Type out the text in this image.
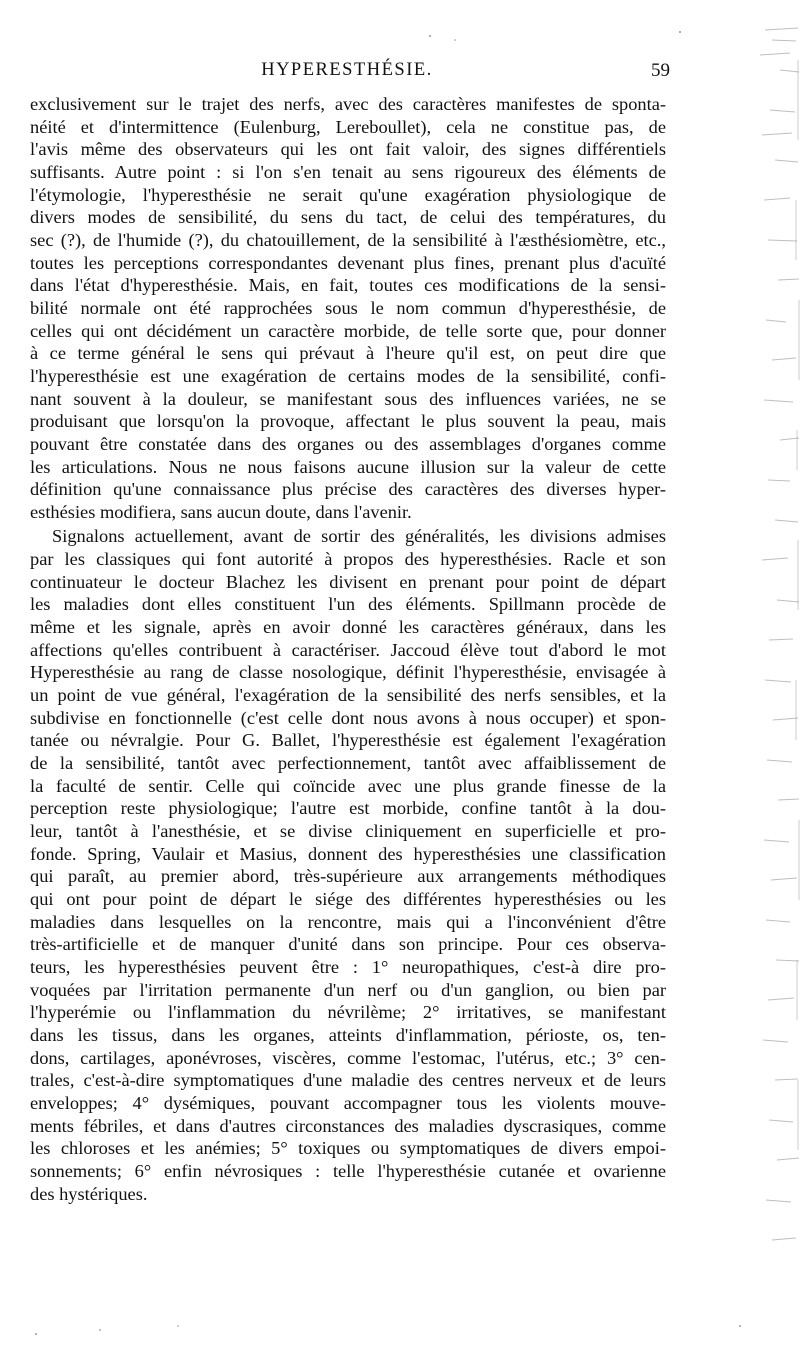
HYPERESTHÉSIE.	59
exclusivement sur le trajet des nerfs, avec des caractères manifestes de sponta-
néité et d'intermittence (Eulenburg, Lereboullet), cela ne constitue pas, de
l'avis même des observateurs qui les ont fait valoir, des signes différentiels
suffisants. Autre point : si l'on s'en tenait au sens rigoureux des éléments de
l'étymologie, l'hyperesthésie ne serait qu'une exagération physiologique de
divers modes de sensibilité, du sens du tact, de celui des températures, du
sec (?), de l'humide (?), du chatouillement, de la sensibilité à l'æsthésiomètre, etc.,
toutes les perceptions correspondantes devenant plus fines, prenant plus d'acuïté
dans l'état d'hyperesthésie. Mais, en fait, toutes ces modifications de la sensi-
bilité normale ont été rapprochées sous le nom commun d'hyperesthésie, de
celles qui ont décidément un caractère morbide, de telle sorte que, pour donner
à ce terme général le sens qui prévaut à l'heure qu'il est, on peut dire que
l'hyperesthésie est une exagération de certains modes de la sensibilité, confi-
nant souvent à la douleur, se manifestant sous des influences variées, ne se
produisant que lorsqu'on la provoque, affectant le plus souvent la peau, mais
pouvant être constatée dans des organes ou des assemblages d'organes comme
les articulations. Nous ne nous faisons aucune illusion sur la valeur de cette
définition qu'une connaissance plus précise des caractères des diverses hyper-
esthésies modifiera, sans aucun doute, dans l'avenir.
Signalons actuellement, avant de sortir des généralités, les divisions admises
par les classiques qui font autorité à propos des hyperesthésies. Racle et son
continuateur le docteur Blachez les divisent en prenant pour point de départ
les maladies dont elles constituent l'un des éléments. Spillmann procède de
même et les signale, après en avoir donné les caractères généraux, dans les
affections qu'elles contribuent à caractériser. Jaccoud élève tout d'abord le mot
Hyperesthésie au rang de classe nosologique, définit l'hyperesthésie, envisagée à
un point de vue général, l'exagération de la sensibilité des nerfs sensibles, et la
subdivise en fonctionnelle (c'est celle dont nous avons à nous occuper) et spon-
tanée ou névralgie. Pour G. Ballet, l'hyperesthésie est également l'exagération
de la sensibilité, tantôt avec perfectionnement, tantôt avec affaiblissement de
la faculté de sentir. Celle qui coïncide avec une plus grande finesse de la
perception reste physiologique; l'autre est morbide, confine tantôt à la dou-
leur, tantôt à l'anesthésie, et se divise cliniquement en superficielle et pro-
fonde. Spring, Vaulair et Masius, donnent des hyperesthésies une classification
qui paraît, au premier abord, très-supérieure aux arrangements méthodiques
qui ont pour point de départ le siége des différentes hyperesthésies ou les
maladies dans lesquelles on la rencontre, mais qui a l'inconvénient d'être
très-artificielle et de manquer d'unité dans son principe. Pour ces observa-
teurs, les hyperesthésies peuvent être : 1° neuropathiques, c'est-à dire pro-
voquées par l'irritation permanente d'un nerf ou d'un ganglion, ou bien par
l'hyperémie ou l'inflammation du névrilème; 2° irritatives, se manifestant
dans les tissus, dans les organes, atteints d'inflammation, périoste, os, ten-
dons, cartilages, aponévroses, viscères, comme l'estomac, l'utérus, etc.; 3° cen-
trales, c'est-à-dire symptomatiques d'une maladie des centres nerveux et de leurs
enveloppes; 4° dysémiques, pouvant accompagner tous les violents mouve-
ments fébriles, et dans d'autres circonstances des maladies dyscrasiques, comme
les chloroses et les anémies; 5° toxiques ou symptomatiques de divers empoi-
sonnements; 6° enfin névrosiques : telle l'hyperesthésie cutanée et ovarienne
des hystériques.
